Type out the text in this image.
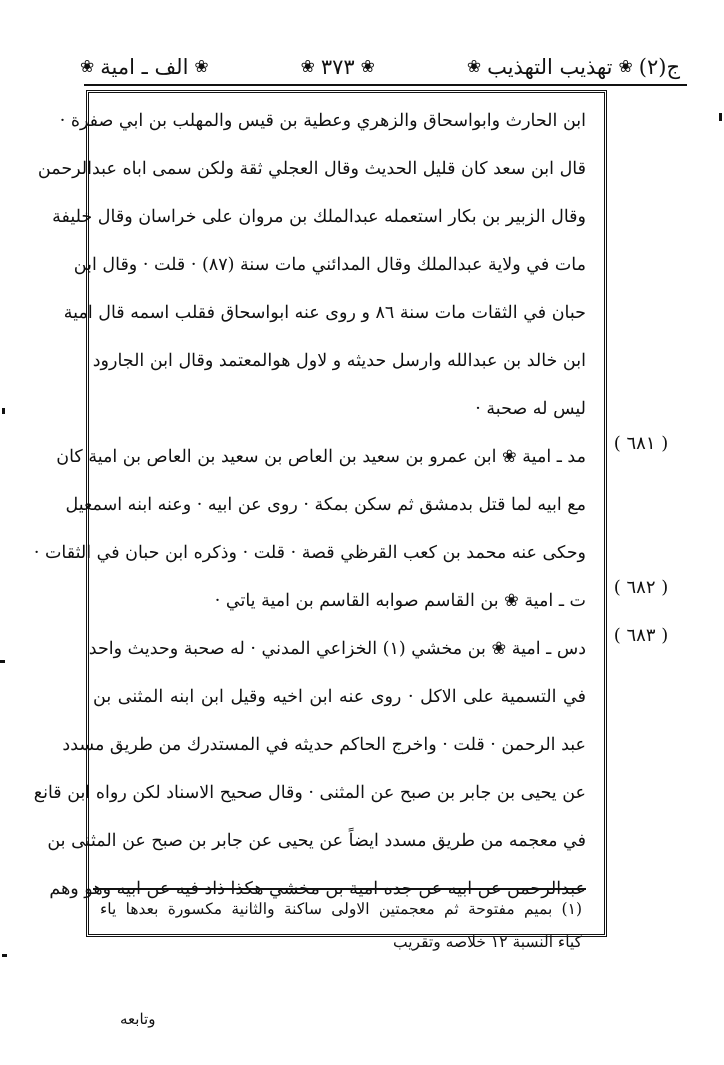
ج(٢)
❀
تهذيب التهذيب
❀
❀
٣٧٣
❀
❀
الف ـ امية
❀
ابن الحارث وابواسحاق والزهري وعطية بن قيس والمهلب بن ابي صفرة ·
قال ابن سعد كان قليل الحديث وقال العجلي ثقة ولكن سمى اباه عبدالرحمن
وقال الزبير بن بكار استعمله عبدالملك بن مروان على خراسان وقال خليفة
مات في ولاية عبدالملك وقال المدائني مات سنة (٨٧) · قلت · وقال ابن
حبان في الثقات مات سنة ٨٦ و روى عنه ابواسحاق فقلب اسمه قال امية
ابن خالد بن عبدالله وارسل حديثه و لاول هوالمعتمد وقال ابن الجارود
ليس له صحبة ·
مد ـ امية ❀ ابن عمرو بن سعيد بن العاص بن سعيد بن العاص بن امية كان
مع ابيه لما قتل بدمشق ثم سكن بمكة · روى عن ابيه · وعنه ابنه اسمعيل
وحكى عنه محمد بن كعب القرظي قصة · قلت · وذكره ابن حبان في الثقات ·
ت ـ امية ❀ بن القاسم صوابه القاسم بن امية ياتي ·
دس ـ امية ❀ بن مخشي (١) الخزاعي المدني · له صحبة وحديث واحد
في التسمية على الاكل · روى عنه ابن اخيه وقيل ابن ابنه المثنى بن
عبد الرحمن · قلت · واخرج الحاكم حديثه في المستدرك من طريق مسدد
عن يحيى بن جابر بن صبح عن المثنى · وقال صحيح الاسناد لكن رواه ابن قانع
في معجمه من طريق مسدد ايضاً عن يحيى عن جابر بن صبح عن المثنى بن
عبدالرحمن عن ابيه عن جده امية بن مخشي هكذا ذاد فيه عن ابيه وهو وهم
( ٦٨١ )
( ٦٨٢ )
( ٦٨٣ )
(١) بميم مفتوحة ثم معجمتين الاولى ساكنة والثانية مكسورة بعدها ياء
كياء النسبة ١٢ خلاصه وتقريب
وتابعه
